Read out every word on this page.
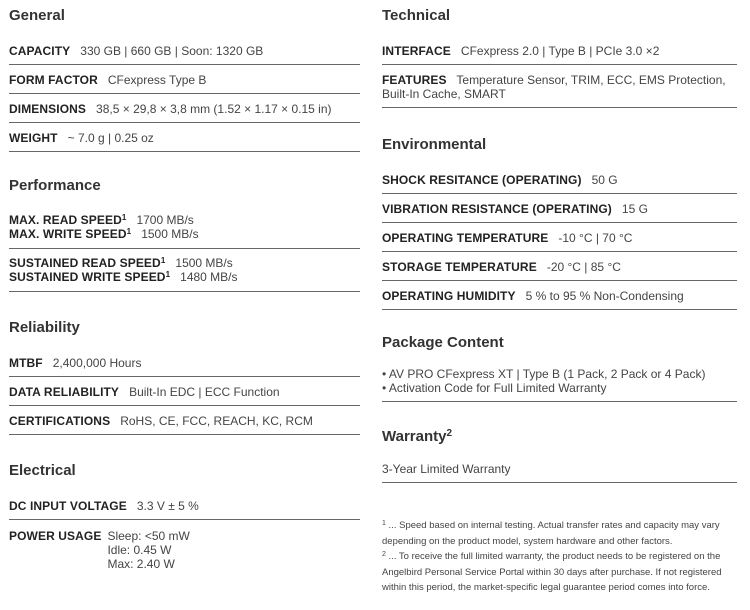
General
CAPACITY 330 GB | 660 GB | Soon: 1320 GB
FORM FACTOR CFexpress Type B
DIMENSIONS 38,5 × 29,8 × 3,8 mm (1.52 × 1.17 × 0.15 in)
WEIGHT ~ 7.0 g | 0.25 oz
Performance
MAX. READ SPEED$^1$ 1700 MB/s
MAX. WRITE SPEED$^1$ 1500 MB/s
SUSTAINED READ SPEED$^1$ 1500 MB/s
SUSTAINED WRITE SPEED$^1$ 1480 MB/s
Reliability
MTBF 2,400,000 Hours
DATA RELIABILITY Built-In EDC | ECC Function
CERTIFICATIONS RoHS, CE, FCC, REACH, KC, RCM
Electrical
DC INPUT VOLTAGE 3.3 V ± 5 %
POWER USAGE Sleep: <50 mW
Idle: 0.45 W
Max: 2.40 W
Technical
INTERFACE CFexpress 2.0 | Type B | PCIe 3.0 ×2
FEATURES Temperature Sensor, TRIM, ECC, EMS Protection, Built-In Cache, SMART
Environmental
SHOCK RESITANCE (OPERATING) 50 G
VIBRATION RESISTANCE (OPERATING) 15 G
OPERATING TEMPERATURE -10 °C | 70 °C
STORAGE TEMPERATURE -20 °C | 85 °C
OPERATING HUMIDITY 5 % to 95 % Non-Condensing
Package Content
• AV PRO CFexpress XT | Type B (1 Pack, 2 Pack or 4 Pack)
• Activation Code for Full Limited Warranty
Warranty$^2$
3-Year Limited Warranty

$^1$ ... Speed based on internal testing. Actual transfer rates and capacity may vary depending on the product model, system hardware and other factors.

$^2$ ... To receive the full limited warranty, the product needs to be registered on the Angelbird Personal Service Portal within 30 days after purchase. If not registered within this period, the market-specific legal guarantee period comes into force.
